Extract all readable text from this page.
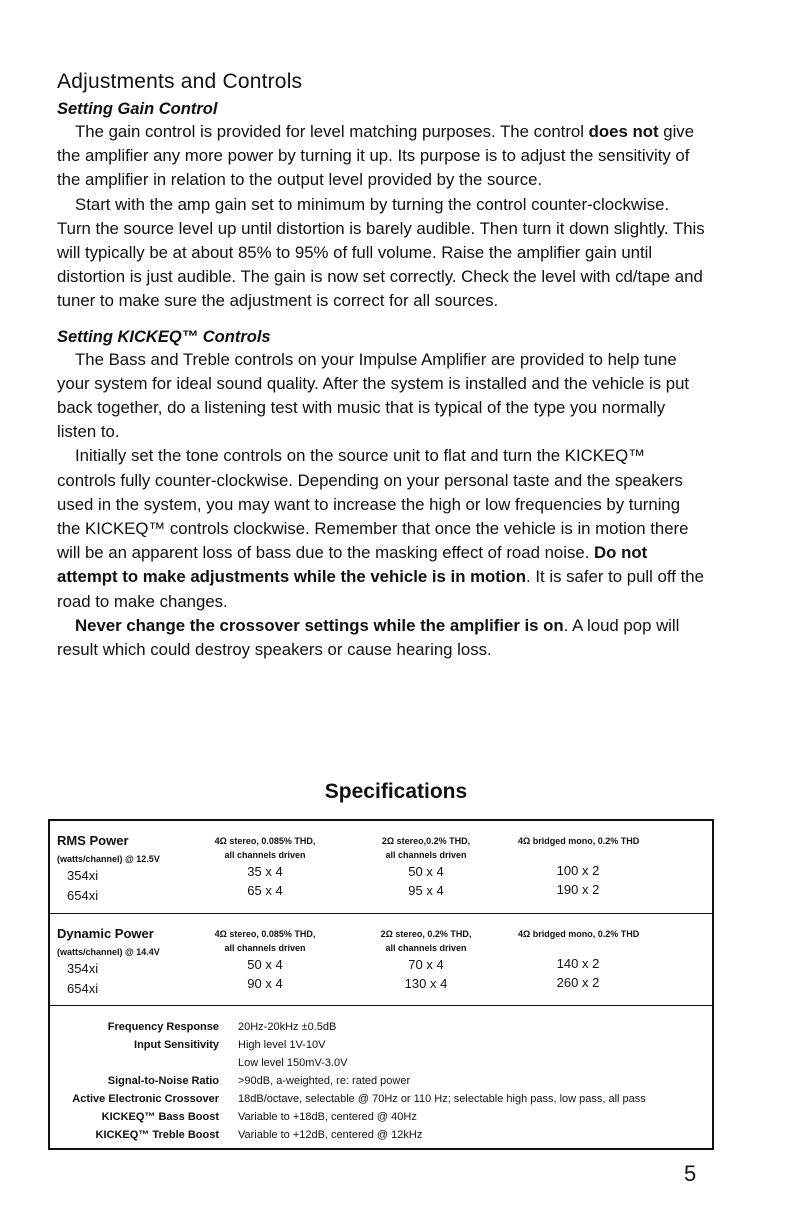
Adjustments and Controls
Setting Gain Control

The gain control is provided for level matching purposes. The control does not give the amplifier any more power by turning it up. Its purpose is to adjust the sensitivity of the amplifier in relation to the output level provided by the source.

Start with the amp gain set to minimum by turning the control counter-clockwise. Turn the source level up until distortion is barely audible. Then turn it down slightly. This will typically be at about 85% to 95% of full volume. Raise the amplifier gain until distortion is just audible. The gain is now set correctly. Check the level with cd/tape and tuner to make sure the adjustment is correct for all sources.

Setting KICKEQ™ Controls

The Bass and Treble controls on your Impulse Amplifier are provided to help tune your system for ideal sound quality. After the system is installed and the vehicle is put back together, do a listening test with music that is typical of the type you normally listen to.

Initially set the tone controls on the source unit to flat and turn the KICKEQ™ controls fully counter-clockwise. Depending on your personal taste and the speakers used in the system, you may want to increase the high or low frequencies by turning the KICKEQ™ controls clockwise. Remember that once the vehicle is in motion there will be an apparent loss of bass due to the masking effect of road noise. Do not attempt to make adjustments while the vehicle is in motion. It is safer to pull off the road to make changes.

Never change the crossover settings while the amplifier is on. A loud pop will result which could destroy speakers or cause hearing loss.

Specifications
RMS Power
(watts/channel) @ 12.5V
354xi
654xi
4Ω stereo, 0.085% THD,
all channels driven
35 x 4
65 x 4
2Ω stereo,0.2% THD,
all channels driven
50 x 4
95 x 4
4Ω bridged mono, 0.2% THD
100 x 2
190 x 2
Dynamic Power
(watts/channel) @ 14.4V
354xi
654xi
4Ω stereo, 0.085% THD,
all channels driven
50 x 4
90 x 4
2Ω stereo, 0.2% THD,
all channels driven
70 x 4
130 x 4
4Ω bridged mono, 0.2% THD
140 x 2
260 x 2
Frequency Response 20Hz-20kHz ±0.5dB
Input Sensitivity High level 1V-10V
Low level 150mV-3.0V
Signal-to-Noise Ratio >90dB, a-weighted, re: rated power
Active Electronic Crossover 18dB/octave, selectable @ 70Hz or 110 Hz; selectable high pass, low pass, all pass
KICKEQ™ Bass Boost Variable to +18dB, centered @ 40Hz
KICKEQ™ Treble Boost Variable to +12dB, centered @ 12kHz
5
